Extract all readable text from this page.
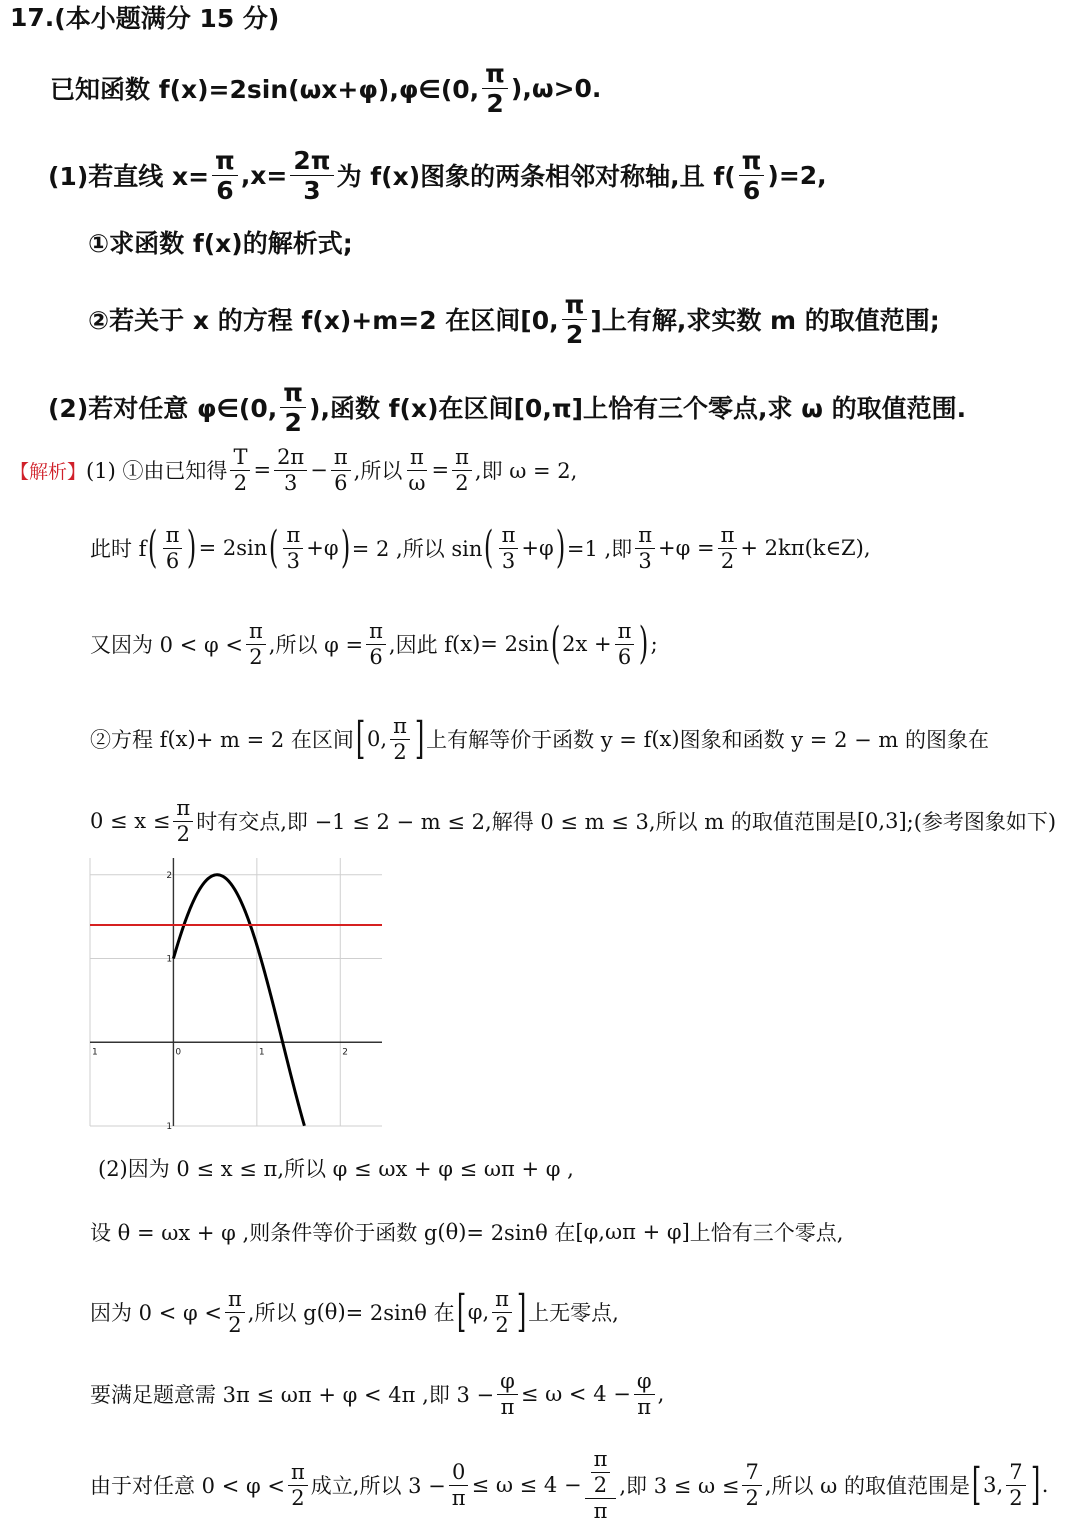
17. (本小题满分 15 分)
已知函数 f(x)=2sin(ωx+φ),φ∈(0, $\frac{\pi}{2} ),\omega>0$.
(1)若直线 $x= \frac{\pi}{6} ,x= \frac{2\pi}{3}$ 为 f(x)图象的两条相邻对称轴,且 $f( \frac{\pi}{6} )=2$,
①求函数 f(x)的解析式;
②若关于 x 的方程 f(x)+m=2 在区间[0, $\frac{\pi}{2}$ ]上有解,求实数 m 的取值范围;
(2)若对任意 φ∈(0, $\frac{\pi}{2}$ ),函数 f(x)在区间[0,π]上恰有三个零点,求 ω 的取值范围.
【解析】 (1) ①由已知得 $\frac{T}{2} = \frac{2\pi}{3} - \frac{\pi}{6}$ ,所以 $\frac{\pi}{\omega} = \frac{\pi}{2}$ ,即 ω = 2,
此时 f ( $\frac{\pi}{6}$ ) = 2sin ( $\frac{\pi}{3} +\varphi$ ) = 2 ,所以 sin ( $\frac{\pi}{3} +\varphi$ ) =1 ,即 $\frac{\pi}{3} +\varphi = \frac{\pi}{2} + 2k\pi$ ( k∈Z ) ,
又因为 $0 < \varphi < \frac{\pi}{2}$ ,所以 $\varphi = \frac{\pi}{6}$ ,因此 f ( x ) = 2sin ( $2x + \frac{\pi}{6}$ ) ;
②方程 f ( x ) + m = 2 在区间 [ 0, $\frac{\pi}{2}$ ] 上有解等价于函数 y = f ( x ) 图象和函数 y = 2 − m 的图象在
$0 \le x \le \frac{\pi}{2}$ 时有交点,即 −1 ≤ 2 − m ≤ 2,解得 0 ≤ m ≤ 3,所以 m 的取值范围是 [ 0,3 ] ;(参考图象如下)
1	0	1	2
1
1
2
(2)因为 0 ≤ x ≤ π,所以 φ ≤ ωx + φ ≤ ωπ + φ ,
设 θ = ωx + φ ,则条件等价于函数 g ( θ ) = 2sinθ 在 [ φ,ωπ + φ ] 上恰有三个零点,
因为 $0 < \varphi < \frac{\pi}{2}$ ,所以 g ( θ ) = 2sinθ 在 [ φ, $\frac{\pi}{2}$ ] 上无零点,
要满足题意需 3π ≤ ωπ + φ < 4π ,即 $3 - \frac{\varphi}{\pi} \le \omega < 4 - \frac{\varphi}{\pi}$ ,
由于对任意 $0 < \varphi < \frac{\pi}{2}$ 成立,所以 $3 - \frac{0}{\pi} \le \omega \le 4 - \frac{\frac{\pi}{2}}{\pi}$ ,即 $3 \le \omega \le \frac{7}{2}$ ,所以 ω 的取值范围是 [ 3, $\frac{7}{2}$ ] .
